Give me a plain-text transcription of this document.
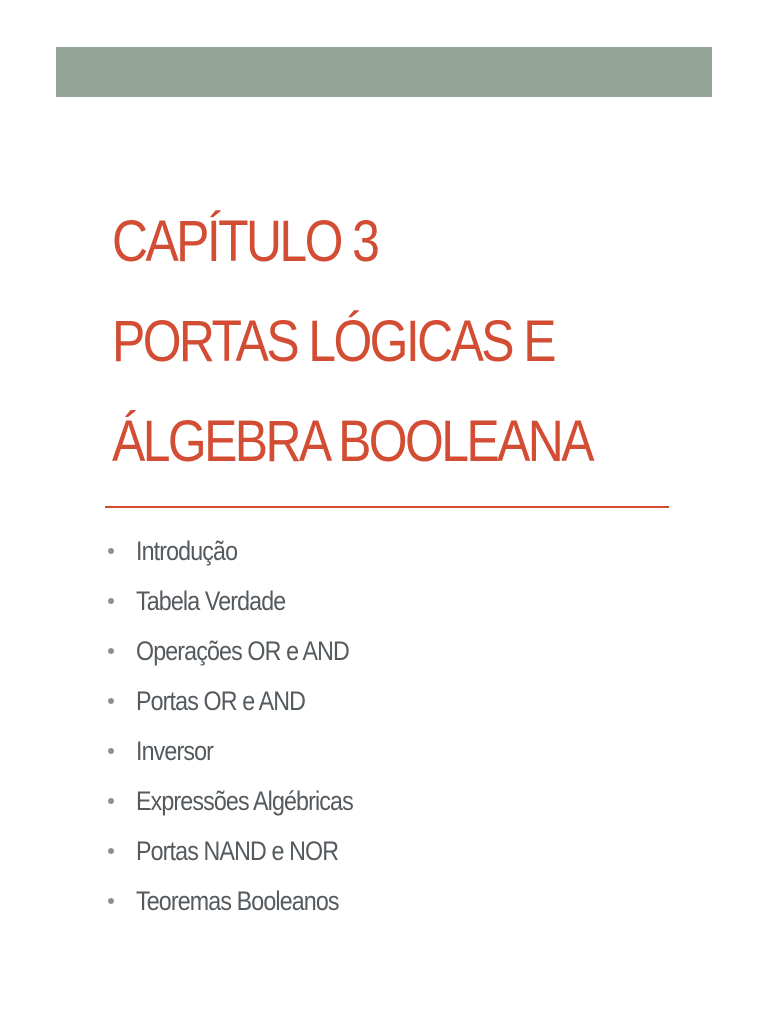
CAPÍTULO 3
PORTAS LÓGICAS E
ÁLGEBRA BOOLEANA
Introdução
Tabela Verdade
Operações OR e AND
Portas OR e AND
Inversor
Expressões Algébricas
Portas NAND e NOR
Teoremas Booleanos
